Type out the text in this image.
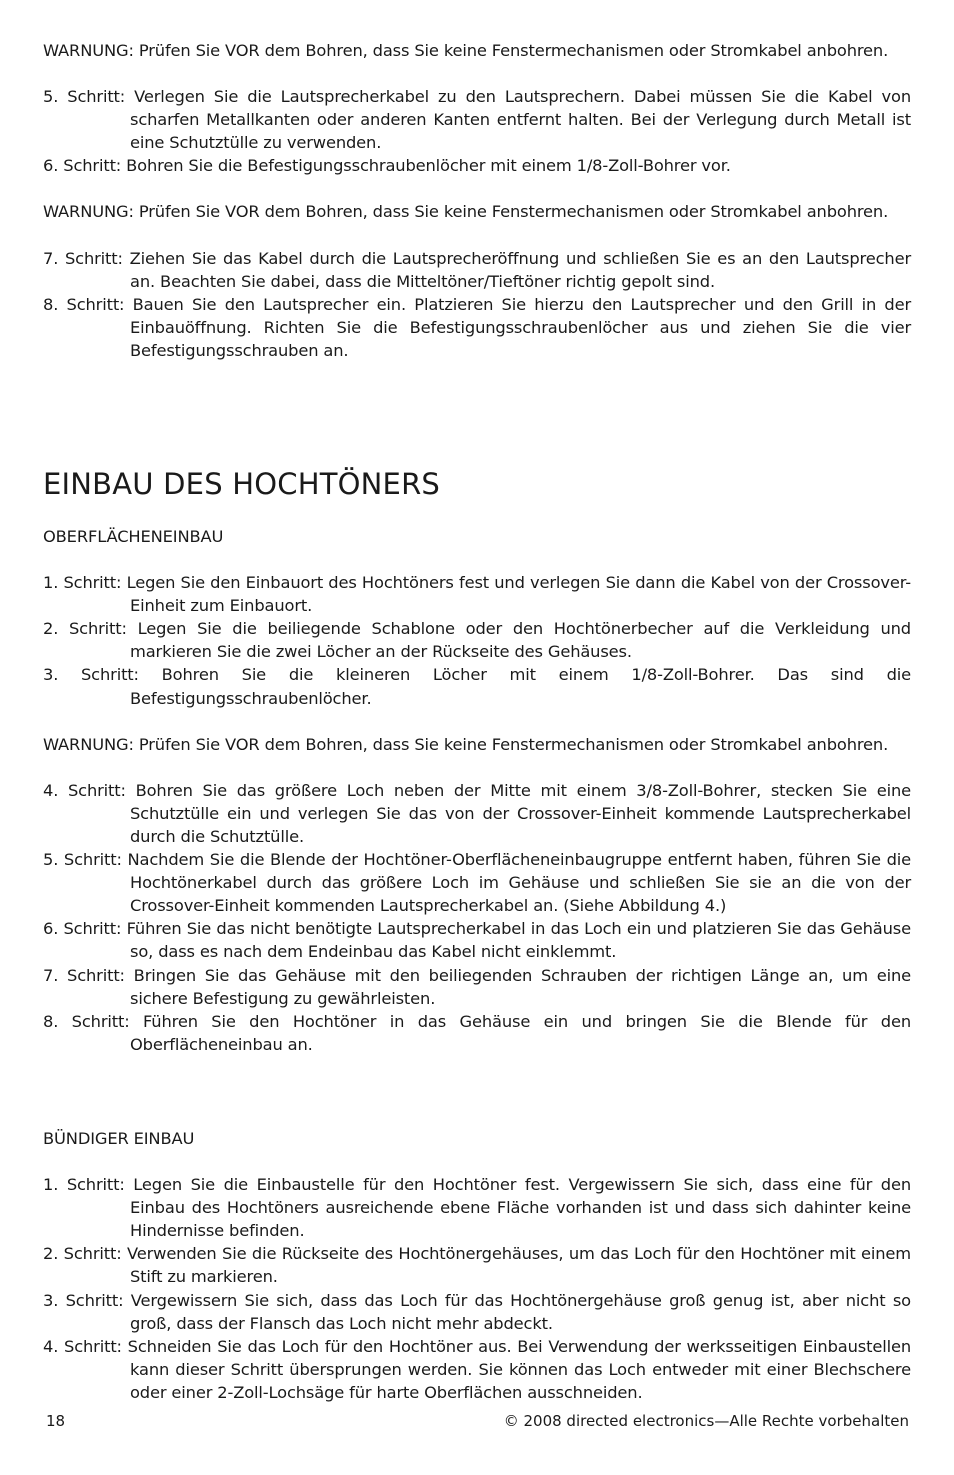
WARNUNG: Prüfen Sie VOR dem Bohren, dass Sie keine Fenstermechanismen oder Stromkabel anbohren.

5. Schritt: Verlegen Sie die Lautsprecherkabel zu den Lautsprechern. Dabei müssen Sie die Kabel von scharfen Metallkanten oder anderen Kanten entfernt halten. Bei der Verlegung durch Metall ist eine Schutztülle zu verwenden.

6. Schritt: Bohren Sie die Befestigungsschraubenlöcher mit einem 1/8-Zoll-Bohrer vor.

WARNUNG: Prüfen Sie VOR dem Bohren, dass Sie keine Fenstermechanismen oder Stromkabel anbohren.

7. Schritt: Ziehen Sie das Kabel durch die Lautsprecheröffnung und schließen Sie es an den Lautsprecher an. Beachten Sie dabei, dass die Mitteltöner/Tieftöner richtig gepolt sind.

8. Schritt: Bauen Sie den Lautsprecher ein. Platzieren Sie hierzu den Lautsprecher und den Grill in der Einbauöffnung. Richten Sie die Befestigungsschraubenlöcher aus und ziehen Sie die vier Befestigungsschrauben an.

EINBAU DES HOCHTÖNERS

OBERFLÄCHENEINBAU

1. Schritt: Legen Sie den Einbauort des Hochtöners fest und verlegen Sie dann die Kabel von der Crossover-Einheit zum Einbauort.

2. Schritt: Legen Sie die beiliegende Schablone oder den Hochtönerbecher auf die Verkleidung und markieren Sie die zwei Löcher an der Rückseite des Gehäuses.

3. Schritt: Bohren Sie die kleineren Löcher mit einem 1/8-Zoll-Bohrer. Das sind die Befestigungsschraubenlöcher.

WARNUNG: Prüfen Sie VOR dem Bohren, dass Sie keine Fenstermechanismen oder Stromkabel anbohren.

4. Schritt: Bohren Sie das größere Loch neben der Mitte mit einem 3/8-Zoll-Bohrer, stecken Sie eine Schutztülle ein und verlegen Sie das von der Crossover-Einheit kommende Lautsprecherkabel durch die Schutztülle.

5. Schritt: Nachdem Sie die Blende der Hochtöner-Oberflächeneinbaugruppe entfernt haben, führen Sie die Hochtönerkabel durch das größere Loch im Gehäuse und schließen Sie sie an die von der Crossover-Einheit kommenden Lautsprecherkabel an. (Siehe Abbildung 4.)

6. Schritt: Führen Sie das nicht benötigte Lautsprecherkabel in das Loch ein und platzieren Sie das Gehäuse so, dass es nach dem Endeinbau das Kabel nicht einklemmt.

7. Schritt: Bringen Sie das Gehäuse mit den beiliegenden Schrauben der richtigen Länge an, um eine sichere Befestigung zu gewährleisten.

8. Schritt: Führen Sie den Hochtöner in das Gehäuse ein und bringen Sie die Blende für den Oberflächeneinbau an.

BÜNDIGER EINBAU

1. Schritt: Legen Sie die Einbaustelle für den Hochtöner fest. Vergewissern Sie sich, dass eine für den Einbau des Hochtöners ausreichende ebene Fläche vorhanden ist und dass sich dahinter keine Hindernisse befinden.

2. Schritt: Verwenden Sie die Rückseite des Hochtönergehäuses, um das Loch für den Hochtöner mit einem Stift zu markieren.

3. Schritt: Vergewissern Sie sich, dass das Loch für das Hochtönergehäuse groß genug ist, aber nicht so groß, dass der Flansch das Loch nicht mehr abdeckt.

4. Schritt: Schneiden Sie das Loch für den Hochtöner aus. Bei Verwendung der werksseitigen Einbaustellen kann dieser Schritt übersprungen werden. Sie können das Loch entweder mit einer Blechschere oder einer 2-Zoll-Lochsäge für harte Oberflächen ausschneiden.

18	© 2008 directed electronics—Alle Rechte vorbehalten
